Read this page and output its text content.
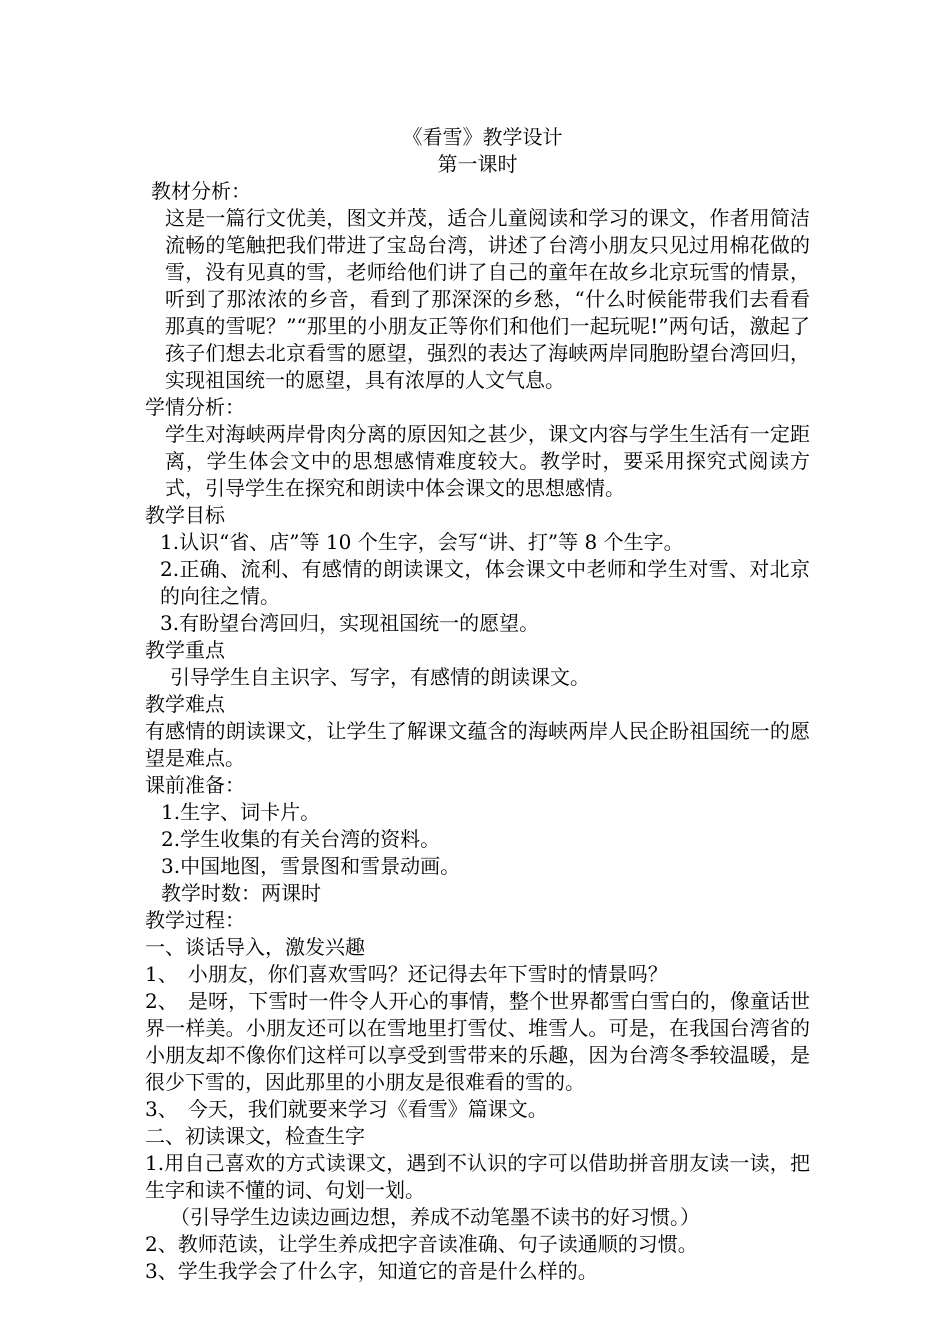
《看雪》教学设计
第一课时
教材分析：

这是一篇行文优美，图文并茂，适合儿童阅读和学习的课文，作者用简洁流畅的笔触把我们带进了宝岛台湾，讲述了台湾小朋友只见过用棉花做的雪，没有见真的雪，老师给他们讲了自己的童年在故乡北京玩雪的情景，听到了那浓浓的乡音，看到了那深深的乡愁，“什么时候能带我们去看看那真的雪呢？”“那里的小朋友正等你们和他们一起玩呢!”两句话，激起了孩子们想去北京看雪的愿望，强烈的表达了海峡两岸同胞盼望台湾回归，实现祖国统一的愿望，具有浓厚的人文气息。

学情分析：

学生对海峡两岸骨肉分离的原因知之甚少，课文内容与学生生活有一定距离，学生体会文中的思想感情难度较大。教学时，要采用探究式阅读方式，引导学生在探究和朗读中体会课文的思想感情。

教学目标

1.认识“省、店”等 10 个生字，会写“讲、打”等 8 个生字。

2.正确、流利、有感情的朗读课文，体会课文中老师和学生对雪、对北京的向往之情。

3.有盼望台湾回归，实现祖国统一的愿望。

教学重点

引导学生自主识字、写字，有感情的朗读课文。

教学难点

有感情的朗读课文，让学生了解课文蕴含的海峡两岸人民企盼祖国统一的愿望是难点。

课前准备：

1.生字、词卡片。

2.学生收集的有关台湾的资料。

3.中国地图，雪景图和雪景动画。

教学时数：两课时

教学过程：
一、谈话导入，激发兴趣

1、　小朋友，你们喜欢雪吗？还记得去年下雪时的情景吗？

2、　是呀，下雪时一件令人开心的事情，整个世界都雪白雪白的，像童话世界一样美。小朋友还可以在雪地里打雪仗、堆雪人。可是，在我国台湾省的小朋友却不像你们这样可以享受到雪带来的乐趣，因为台湾冬季较温暖，是很少下雪的，因此那里的小朋友是很难看的雪的。

3、　今天，我们就要来学习《看雪》篇课文。

二、初读课文，检查生字

1.用自己喜欢的方式读课文，遇到不认识的字可以借助拼音朋友读一读，把生字和读不懂的词、句划一划。

（引导学生边读边画边想，养成不动笔墨不读书的好习惯。）

2、教师范读，让学生养成把字音读准确、句子读通顺的习惯。

3、学生我学会了什么字，知道它的音是什么样的。
